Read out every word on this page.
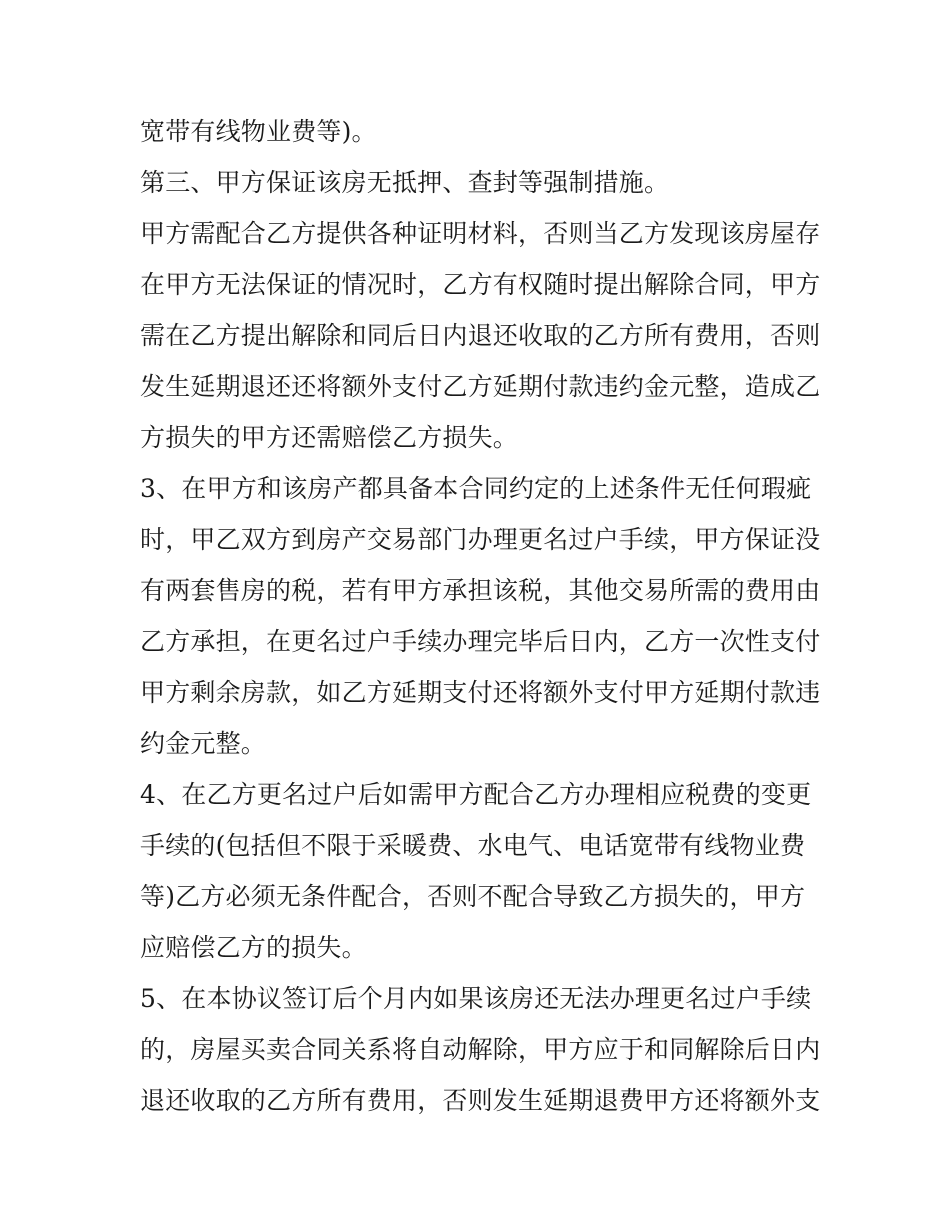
宽带有线物业费等)。
第三、甲方保证该房无抵押、查封等强制措施。
甲方需配合乙方提供各种证明材料，否则当乙方发现该房屋存
在甲方无法保证的情况时，乙方有权随时提出解除合同，甲方
需在乙方提出解除和同后日内退还收取的乙方所有费用，否则
发生延期退还还将额外支付乙方延期付款违约金元整，造成乙
方损失的甲方还需赔偿乙方损失。
3、在甲方和该房产都具备本合同约定的上述条件无任何瑕疵
时，甲乙双方到房产交易部门办理更名过户手续，甲方保证没
有两套售房的税，若有甲方承担该税，其他交易所需的费用由
乙方承担，在更名过户手续办理完毕后日内，乙方一次性支付
甲方剩余房款，如乙方延期支付还将额外支付甲方延期付款违
约金元整。
4、在乙方更名过户后如需甲方配合乙方办理相应税费的变更
手续的(包括但不限于采暖费、水电气、电话宽带有线物业费
等)乙方必须无条件配合，否则不配合导致乙方损失的，甲方
应赔偿乙方的损失。
5、在本协议签订后个月内如果该房还无法办理更名过户手续
的，房屋买卖合同关系将自动解除，甲方应于和同解除后日内
退还收取的乙方所有费用，否则发生延期退费甲方还将额外支
